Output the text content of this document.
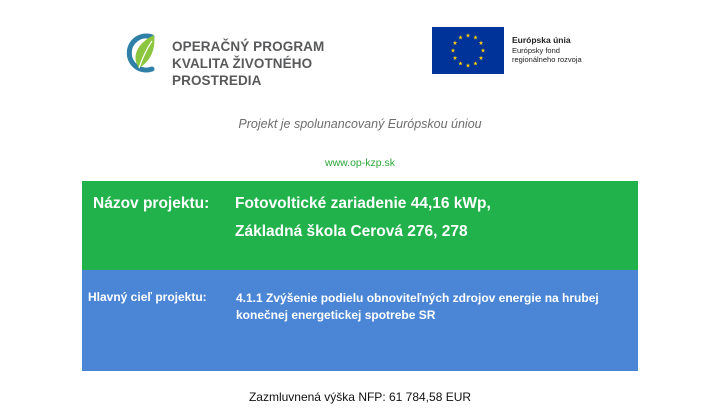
OPERAČNÝ PROGRAM
KVALITA ŽIVOTNÉHO PROSTREDIA
Európska únia
Európsky fond
regionálneho rozvoja
Projekt je spolunancovaný Európskou úniou
www.op-kzp.sk
Názov projektu: Fotovoltické zariadenie 44,16 kWp,
Základná škola Cerová 276, 278
Hlavný cieľ projektu: 4.1.1 Zvýšenie podielu obnoviteľných zdrojov energie na hrubej konečnej energetickej spotrebe SR
Zazmluvnená výška NFP: 61 784,58 EUR
